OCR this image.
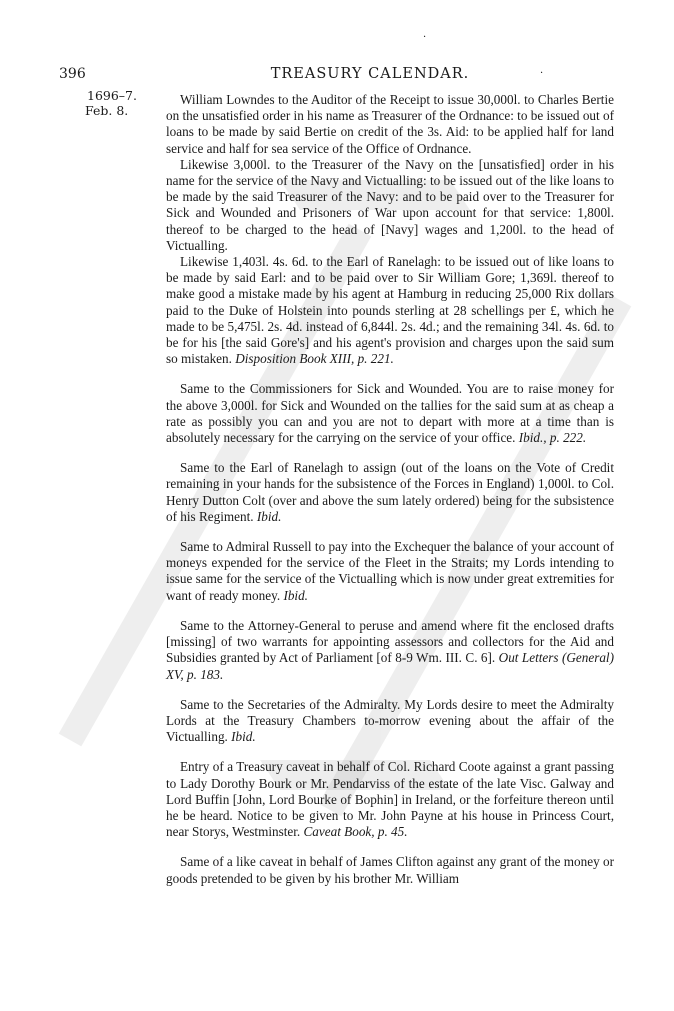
·
396	TREASURY CALENDAR.	·
1696–7.
Feb. 8.

William Lowndes to the Auditor of the Receipt to issue 30,000l. to Charles Bertie on the unsatisfied order in his name as Treasurer of the Ordnance: to be issued out of loans to be made by said Bertie on credit of the 3s. Aid: to be applied half for land service and half for sea service of the Office of Ordnance.

Likewise 3,000l. to the Treasurer of the Navy on the [unsatisfied] order in his name for the service of the Navy and Victualling: to be issued out of the like loans to be made by the said Treasurer of the Navy: and to be paid over to the Treasurer for Sick and Wounded and Prisoners of War upon account for that service: 1,800l. thereof to be charged to the head of [Navy] wages and 1,200l. to the head of Victualling.

Likewise 1,403l. 4s. 6d. to the Earl of Ranelagh: to be issued out of like loans to be made by said Earl: and to be paid over to Sir William Gore; 1,369l. thereof to make good a mistake made by his agent at Hamburg in reducing 25,000 Rix dollars paid to the Duke of Holstein into pounds sterling at 28 schellings per £, which he made to be 5,475l. 2s. 4d. instead of 6,844l. 2s. 4d.; and the remaining 34l. 4s. 6d. to be for his [the said Gore's] and his agent's provision and charges upon the said sum so mistaken. Disposition Book XIII, p. 221.

Same to the Commissioners for Sick and Wounded. You are to raise money for the above 3,000l. for Sick and Wounded on the tallies for the said sum at as cheap a rate as possibly you can and you are not to depart with more at a time than is absolutely necessary for the carrying on the service of your office. Ibid., p. 222.

Same to the Earl of Ranelagh to assign (out of the loans on the Vote of Credit remaining in your hands for the subsistence of the Forces in England) 1,000l. to Col. Henry Dutton Colt (over and above the sum lately ordered) being for the subsistence of his Regiment. Ibid.

Same to Admiral Russell to pay into the Exchequer the balance of your account of moneys expended for the service of the Fleet in the Straits; my Lords intending to issue same for the service of the Victualling which is now under great extremities for want of ready money. Ibid.

Same to the Attorney-General to peruse and amend where fit the enclosed drafts [missing] of two warrants for appointing assessors and collectors for the Aid and Subsidies granted by Act of Parliament [of 8-9 Wm. III. C. 6]. Out Letters (General) XV, p. 183.

Same to the Secretaries of the Admiralty. My Lords desire to meet the Admiralty Lords at the Treasury Chambers to-morrow evening about the affair of the Victualling. Ibid.

Entry of a Treasury caveat in behalf of Col. Richard Coote against a grant passing to Lady Dorothy Bourk or Mr. Pendarviss of the estate of the late Visc. Galway and Lord Buffin [John, Lord Bourke of Bophin] in Ireland, or the forfeiture thereon until he be heard. Notice to be given to Mr. John Payne at his house in Princess Court, near Storys, Westminster. Caveat Book, p. 45.

Same of a like caveat in behalf of James Clifton against any grant of the money or goods pretended to be given by his brother Mr. William
